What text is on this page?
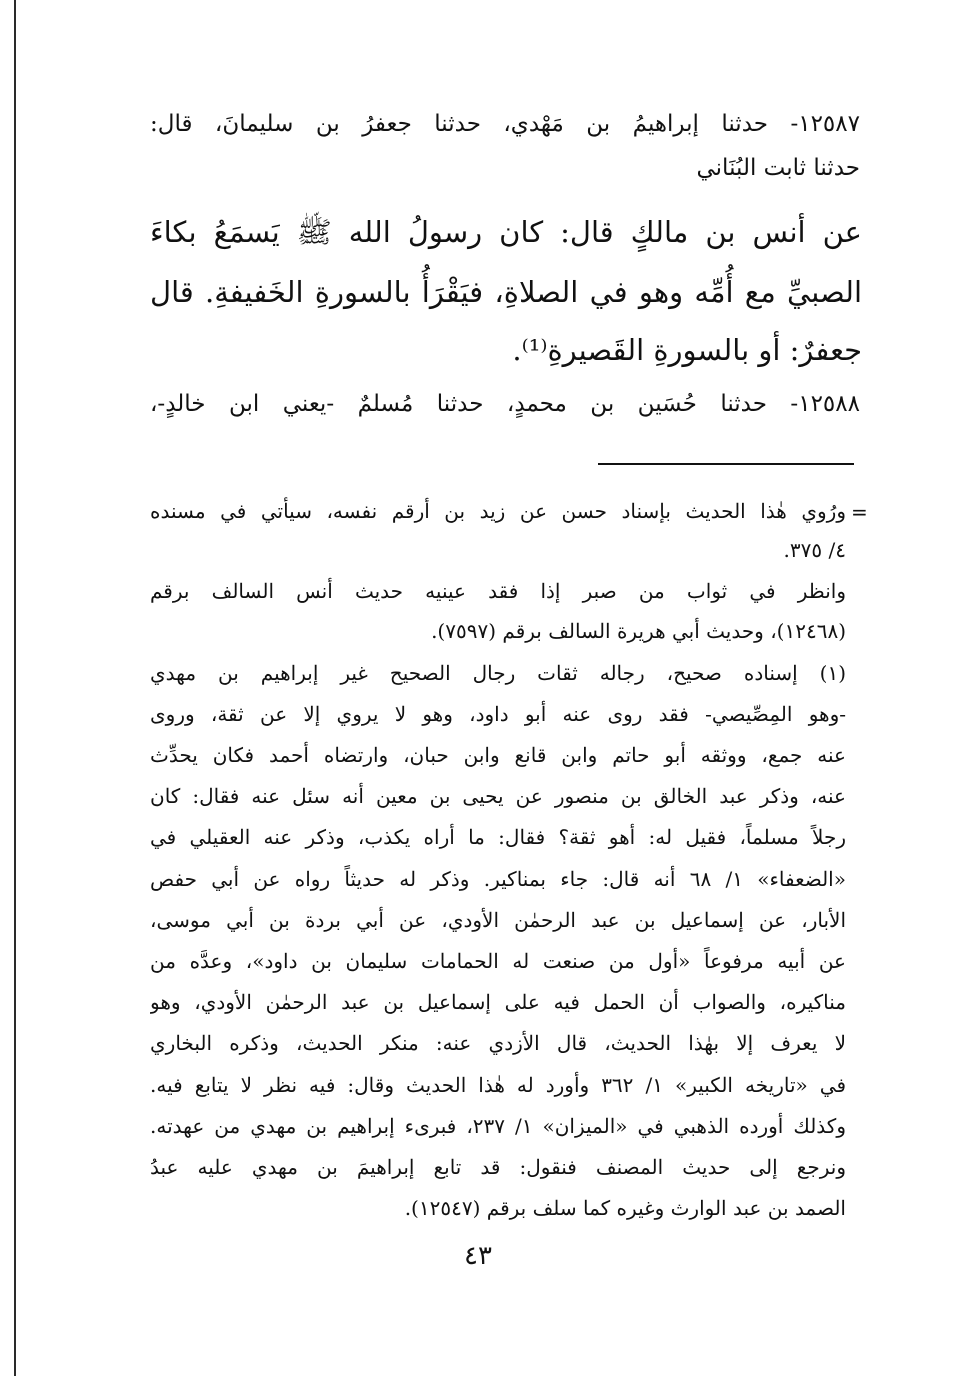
١٢٥٨٧- حدثنا إبراهيمُ بن مَهْدي، حدثنا جعفرُ بن سليمانَ، قال:
حدثنا ثابت البُنَاني
عن أنس بن مالكٍ قال: كان رسولُ الله ﷺ يَسمَعُ بكاءَ
الصبيِّ مع أُمِّه وهو في الصلاةِ، فيَقْرَأُ بالسورةِ الخَفيفةِ. قال
جعفرٌ: أو بالسورةِ القَصيرةِ⁽¹⁾.
١٢٥٨٨- حدثنا حُسَين بن محمدٍ، حدثنا مُسلمٌ -يعني ابن خالدٍ-،
=
ورُوي هٰذا الحديث بإسناد حسن عن زيد بن أرقم نفسه، سيأتي في مسنده
٤/ ٣٧٥.
وانظر في ثواب من صبر إذا فقد عينيه حديث أنس السالف برقم
(١٢٤٦٨)، وحديث أبي هريرة السالف برقم (٧٥٩٧).
(١) إسناده صحيح، رجاله ثقات رجال الصحيح غير إبراهيم بن مهدي
-وهو المِصِّيصي- فقد روى عنه أبو داود، وهو لا يروي إلا عن ثقة، وروى
عنه جمع، ووثقه أبو حاتم وابن قانع وابن حبان، وارتضاه أحمد فكان يحدِّث
عنه، وذكر عبد الخالق بن منصور عن يحيى بن معين أنه سئل عنه فقال: كان
رجلاً مسلماً، فقيل له: أهو ثقة؟ فقال: ما أراه يكذب، وذكر عنه العقيلي في
«الضعفاء» ١/ ٦٨ أنه قال: جاء بمناكير. وذكر له حديثاً رواه عن أبي حفص
الأبار، عن إسماعيل بن عبد الرحمٰن الأودي، عن أبي بردة بن أبي موسى،
عن أبيه مرفوعاً «أول من صنعت له الحمامات سليمان بن داود»، وعدَّه من
مناكيره، والصواب أن الحمل فيه على إسماعيل بن عبد الرحمٰن الأودي، وهو
لا يعرف إلا بهٰذا الحديث، قال الأزدي عنه: منكر الحديث، وذكره البخاري
في «تاريخه الكبير» ١/ ٣٦٢ وأورد له هٰذا الحديث وقال: فيه نظر لا يتابع فيه.
وكذلك أورده الذهبي في «الميزان» ١/ ٢٣٧، فبرىء إبراهيم بن مهدي من عهدته.
ونرجع إلى حديث المصنف فنقول: قد تابع إبراهيمَ بن مهدي عليه عبدُ
الصمد بن عبد الوارث وغيره كما سلف برقم (١٢٥٤٧).
٤٣
